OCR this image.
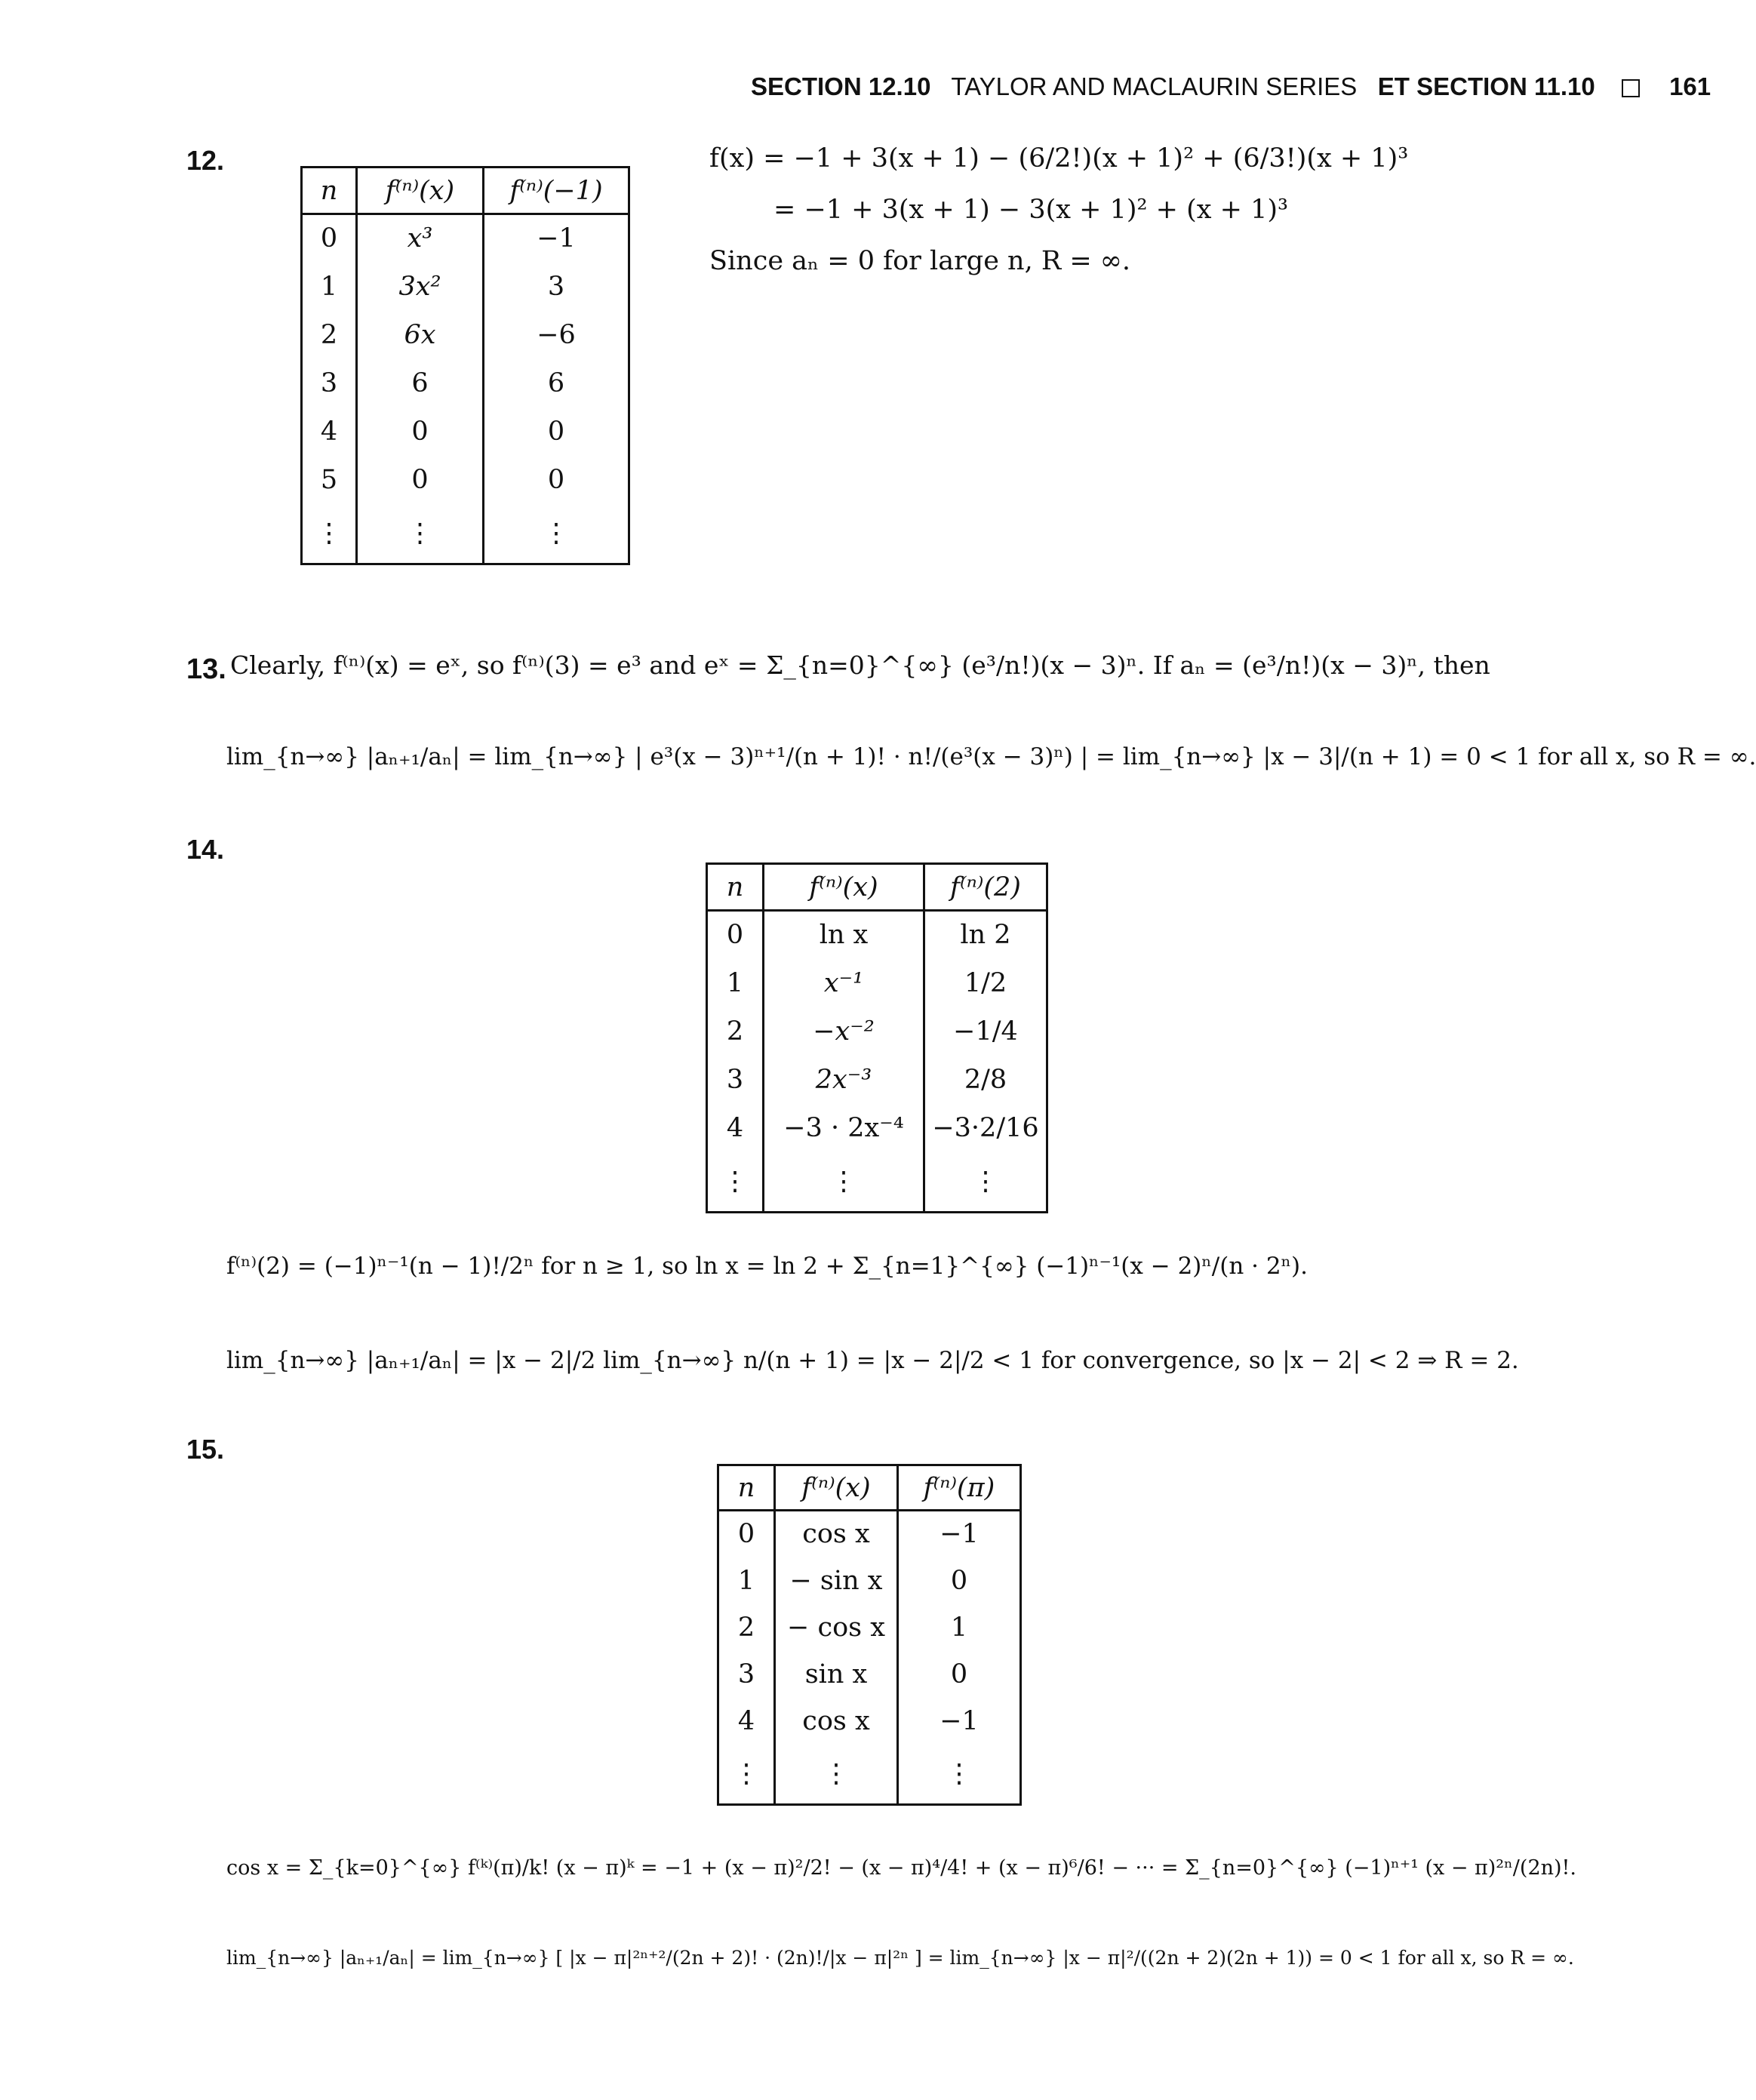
SECTION 12.10 TAYLOR AND MACLAURIN SERIES ET SECTION 11.10	161
12.
n	f⁽ⁿ⁾(x)	f⁽ⁿ⁾(−1)
0	x³	−1
1	3x²	3
2	6x	−6
3	6	6
4	0	0
5	0	0
⋮	⋮	⋮
f(x) = −1 + 3(x + 1) − (6/2!)(x + 1)² + (6/3!)(x + 1)³
= −1 + 3(x + 1) − 3(x + 1)² + (x + 1)³
Since aₙ = 0 for large n, R = ∞.
13. Clearly, f⁽ⁿ⁾(x) = eˣ, so f⁽ⁿ⁾(3) = e³ and eˣ = Σ_{n=0}^{∞} (e³/n!)(x − 3)ⁿ. If aₙ = (e³/n!)(x − 3)ⁿ, then
lim_{n→∞} |aₙ₊₁/aₙ| = lim_{n→∞} | e³(x − 3)ⁿ⁺¹/(n + 1)! · n!/(e³(x − 3)ⁿ) | = lim_{n→∞} |x − 3|/(n + 1) = 0 < 1 for all x, so R = ∞.
14.
n	f⁽ⁿ⁾(x)	f⁽ⁿ⁾(2)
0	ln x	ln 2
1	x⁻¹	1/2
2	−x⁻²	−1/4
3	2x⁻³	2/8
4	−3 · 2x⁻⁴	−3·2/16
⋮	⋮	⋮
f⁽ⁿ⁾(2) = (−1)ⁿ⁻¹(n − 1)!/2ⁿ for n ≥ 1, so ln x = ln 2 + Σ_{n=1}^{∞} (−1)ⁿ⁻¹(x − 2)ⁿ/(n · 2ⁿ).
lim_{n→∞} |aₙ₊₁/aₙ| = |x − 2|/2 lim_{n→∞} n/(n + 1) = |x − 2|/2 < 1 for convergence, so |x − 2| < 2 ⇒ R = 2.
15.
n	f⁽ⁿ⁾(x)	f⁽ⁿ⁾(π)
0	cos x	−1
1	− sin x	0
2	− cos x	1
3	sin x	0
4	cos x	−1
⋮	⋮	⋮
cos x = Σ_{k=0}^{∞} f⁽ᵏ⁾(π)/k! (x − π)ᵏ = −1 + (x − π)²/2! − (x − π)⁴/4! + (x − π)⁶/6! − ··· = Σ_{n=0}^{∞} (−1)ⁿ⁺¹ (x − π)²ⁿ/(2n)!.
lim_{n→∞} |aₙ₊₁/aₙ| = lim_{n→∞} [ |x − π|²ⁿ⁺²/(2n + 2)! · (2n)!/|x − π|²ⁿ ] = lim_{n→∞} |x − π|²/((2n + 2)(2n + 1)) = 0 < 1 for all x, so R = ∞.
